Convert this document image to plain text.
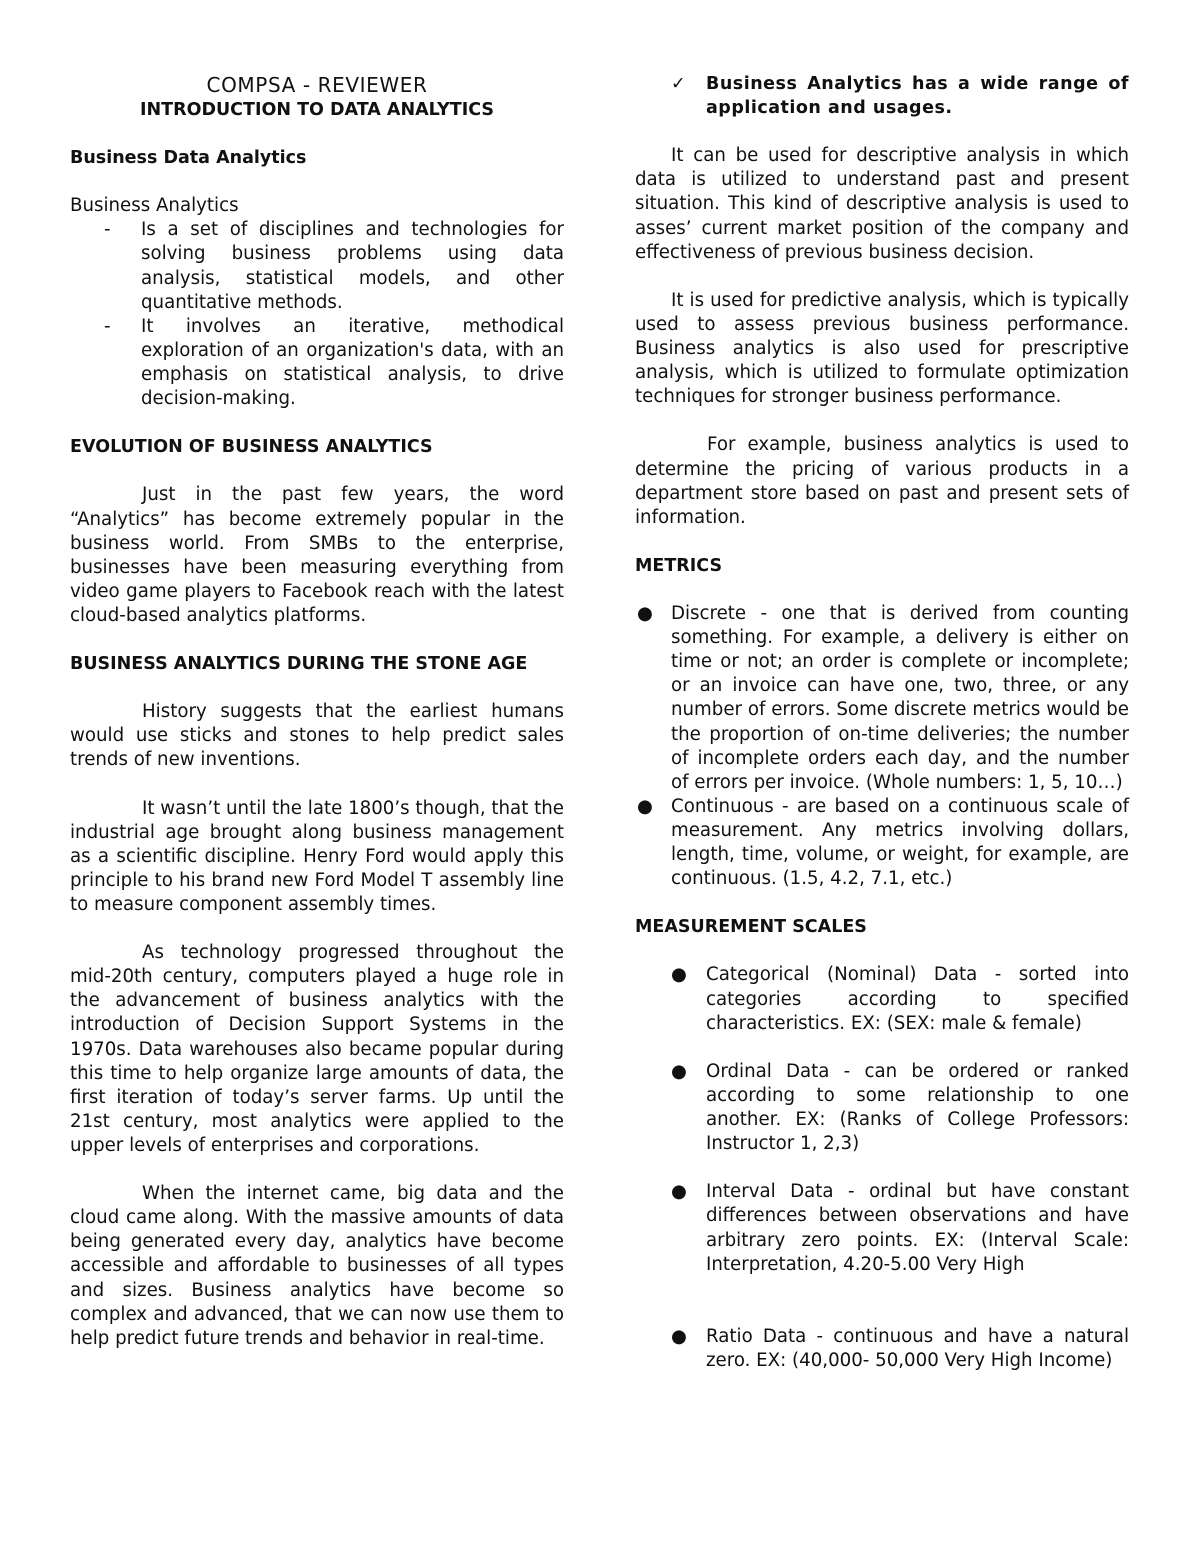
COMPSA - REVIEWER

INTRODUCTION TO DATA ANALYTICS

Business Data Analytics

Business Analytics

- Is a set of disciplines and technologies for solving business problems using data analysis, statistical models, and other quantitative methods.
- It involves an iterative, methodical exploration of an organization's data, with an emphasis on statistical analysis, to drive decision-making.

EVOLUTION OF BUSINESS ANALYTICS

Just in the past few years, the word “Analytics” has become extremely popular in the business world. From SMBs to the enterprise, businesses have been measuring everything from video game players to Facebook reach with the latest cloud-based analytics platforms.

BUSINESS ANALYTICS DURING THE STONE AGE

History suggests that the earliest humans would use sticks and stones to help predict sales trends of new inventions.

It wasn’t until the late 1800’s though, that the industrial age brought along business management as a scientific discipline. Henry Ford would apply this principle to his brand new Ford Model T assembly line to measure component assembly times.

As technology progressed throughout the mid-20th century, computers played a huge role in the advancement of business analytics with the introduction of Decision Support Systems in the 1970s. Data warehouses also became popular during this time to help organize large amounts of data, the first iteration of today’s server farms. Up until the 21st century, most analytics were applied to the upper levels of enterprises and corporations.

When the internet came, big data and the cloud came along. With the massive amounts of data being generated every day, analytics have become accessible and affordable to businesses of all types and sizes. Business analytics have become so complex and advanced, that we can now use them to help predict future trends and behavior in real-time.

✓ Business Analytics has a wide range of application and usages.

It can be used for descriptive analysis in which data is utilized to understand past and present situation. This kind of descriptive analysis is used to asses’ current market position of the company and effectiveness of previous business decision.

It is used for predictive analysis, which is typically used to assess previous business performance. Business analytics is also used for prescriptive analysis, which is utilized to formulate optimization techniques for stronger business performance.

For example, business analytics is used to determine the pricing of various products in a department store based on past and present sets of information.

METRICS

● Discrete - one that is derived from counting something. For example, a delivery is either on time or not; an order is complete or incomplete; or an invoice can have one, two, three, or any number of errors. Some discrete metrics would be the proportion of on-time deliveries; the number of incomplete orders each day, and the number of errors per invoice. (Whole numbers: 1, 5, 10…)
● Continuous - are based on a continuous scale of measurement. Any metrics involving dollars, length, time, volume, or weight, for example, are continuous. (1.5, 4.2, 7.1, etc.)

MEASUREMENT SCALES

● Categorical (Nominal) Data - sorted into categories according to specified characteristics. EX: (SEX: male & female)
● Ordinal Data - can be ordered or ranked according to some relationship to one another. EX: (Ranks of College Professors: Instructor 1, 2,3)
● Interval Data - ordinal but have constant differences between observations and have arbitrary zero points. EX: (Interval Scale: Interpretation, 4.20-5.00 Very High
● Ratio Data - continuous and have a natural zero. EX: (40,000- 50,000 Very High Income)
